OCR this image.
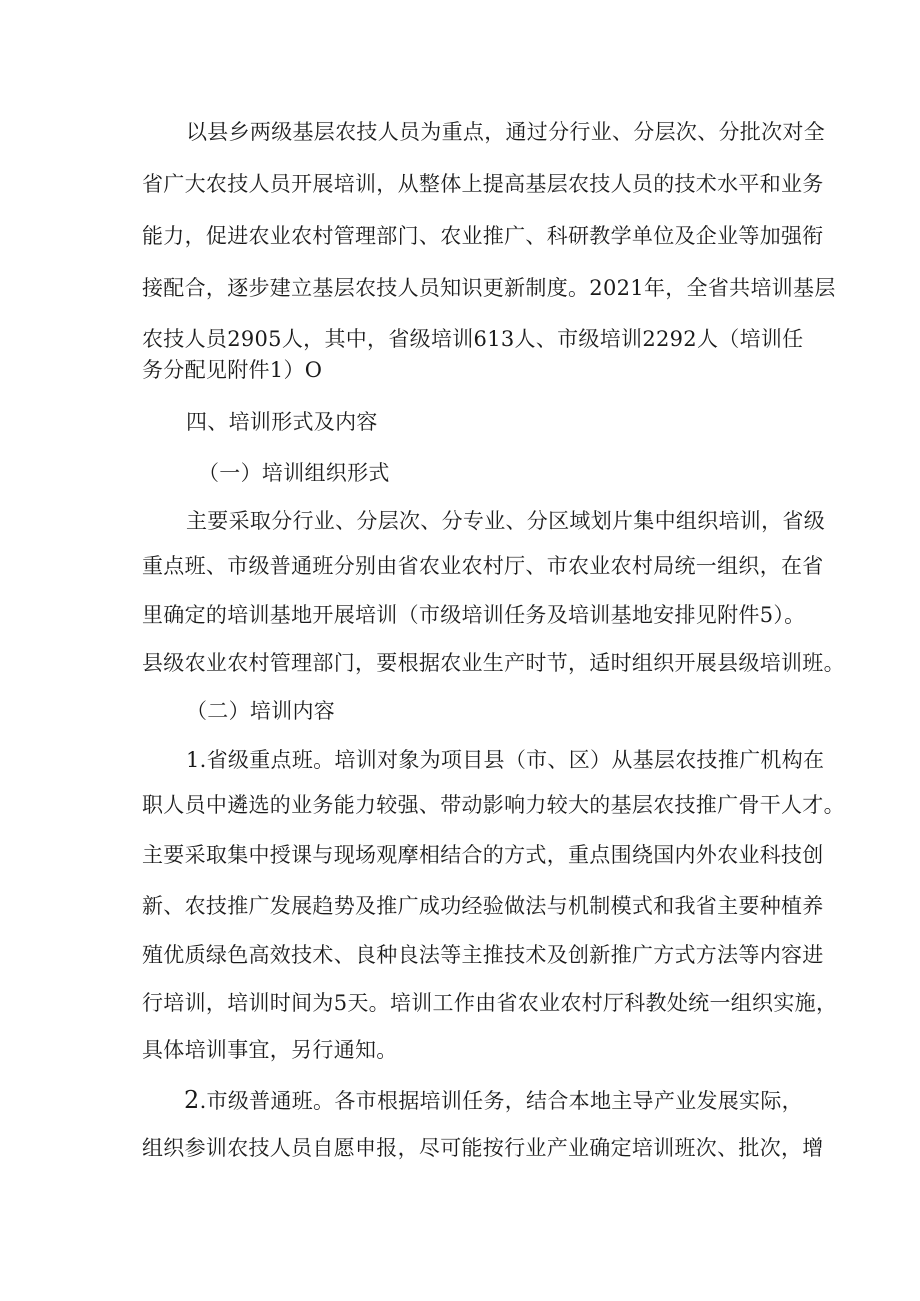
以县乡两级基层农技人员为重点，通过分行业、分层次、分批次对全
省广大农技人员开展培训，从整体上提高基层农技人员的技术水平和业务
能力，促进农业农村管理部门、农业推广、科研教学单位及企业等加强衔
接配合，逐步建立基层农技人员知识更新制度。2021年，全省共培训基层
农技人员2905人，其中，省级培训613人、市级培训2292人（培训任
务分配见附件1）O
四、培训形式及内容
（一）培训组织形式
主要采取分行业、分层次、分专业、分区域划片集中组织培训，省级
重点班、市级普通班分别由省农业农村厅、市农业农村局统一组织，在省
里确定的培训基地开展培训（市级培训任务及培训基地安排见附件5）。
县级农业农村管理部门，要根据农业生产时节，适时组织开展县级培训班。
（二）培训内容
1.省级重点班。培训对象为项目县（市、区）从基层农技推广机构在
职人员中遴选的业务能力较强、带动影响力较大的基层农技推广骨干人才。
主要采取集中授课与现场观摩相结合的方式，重点围绕国内外农业科技创
新、农技推广发展趋势及推广成功经验做法与机制模式和我省主要种植养
殖优质绿色高效技术、良种良法等主推技术及创新推广方式方法等内容进
行培训，培训时间为5天。培训工作由省农业农村厅科教处统一组织实施，
具体培训事宜，另行通知。
2.市级普通班。各市根据培训任务，结合本地主导产业发展实际，
组织参训农技人员自愿申报，尽可能按行业产业确定培训班次、批次，增
